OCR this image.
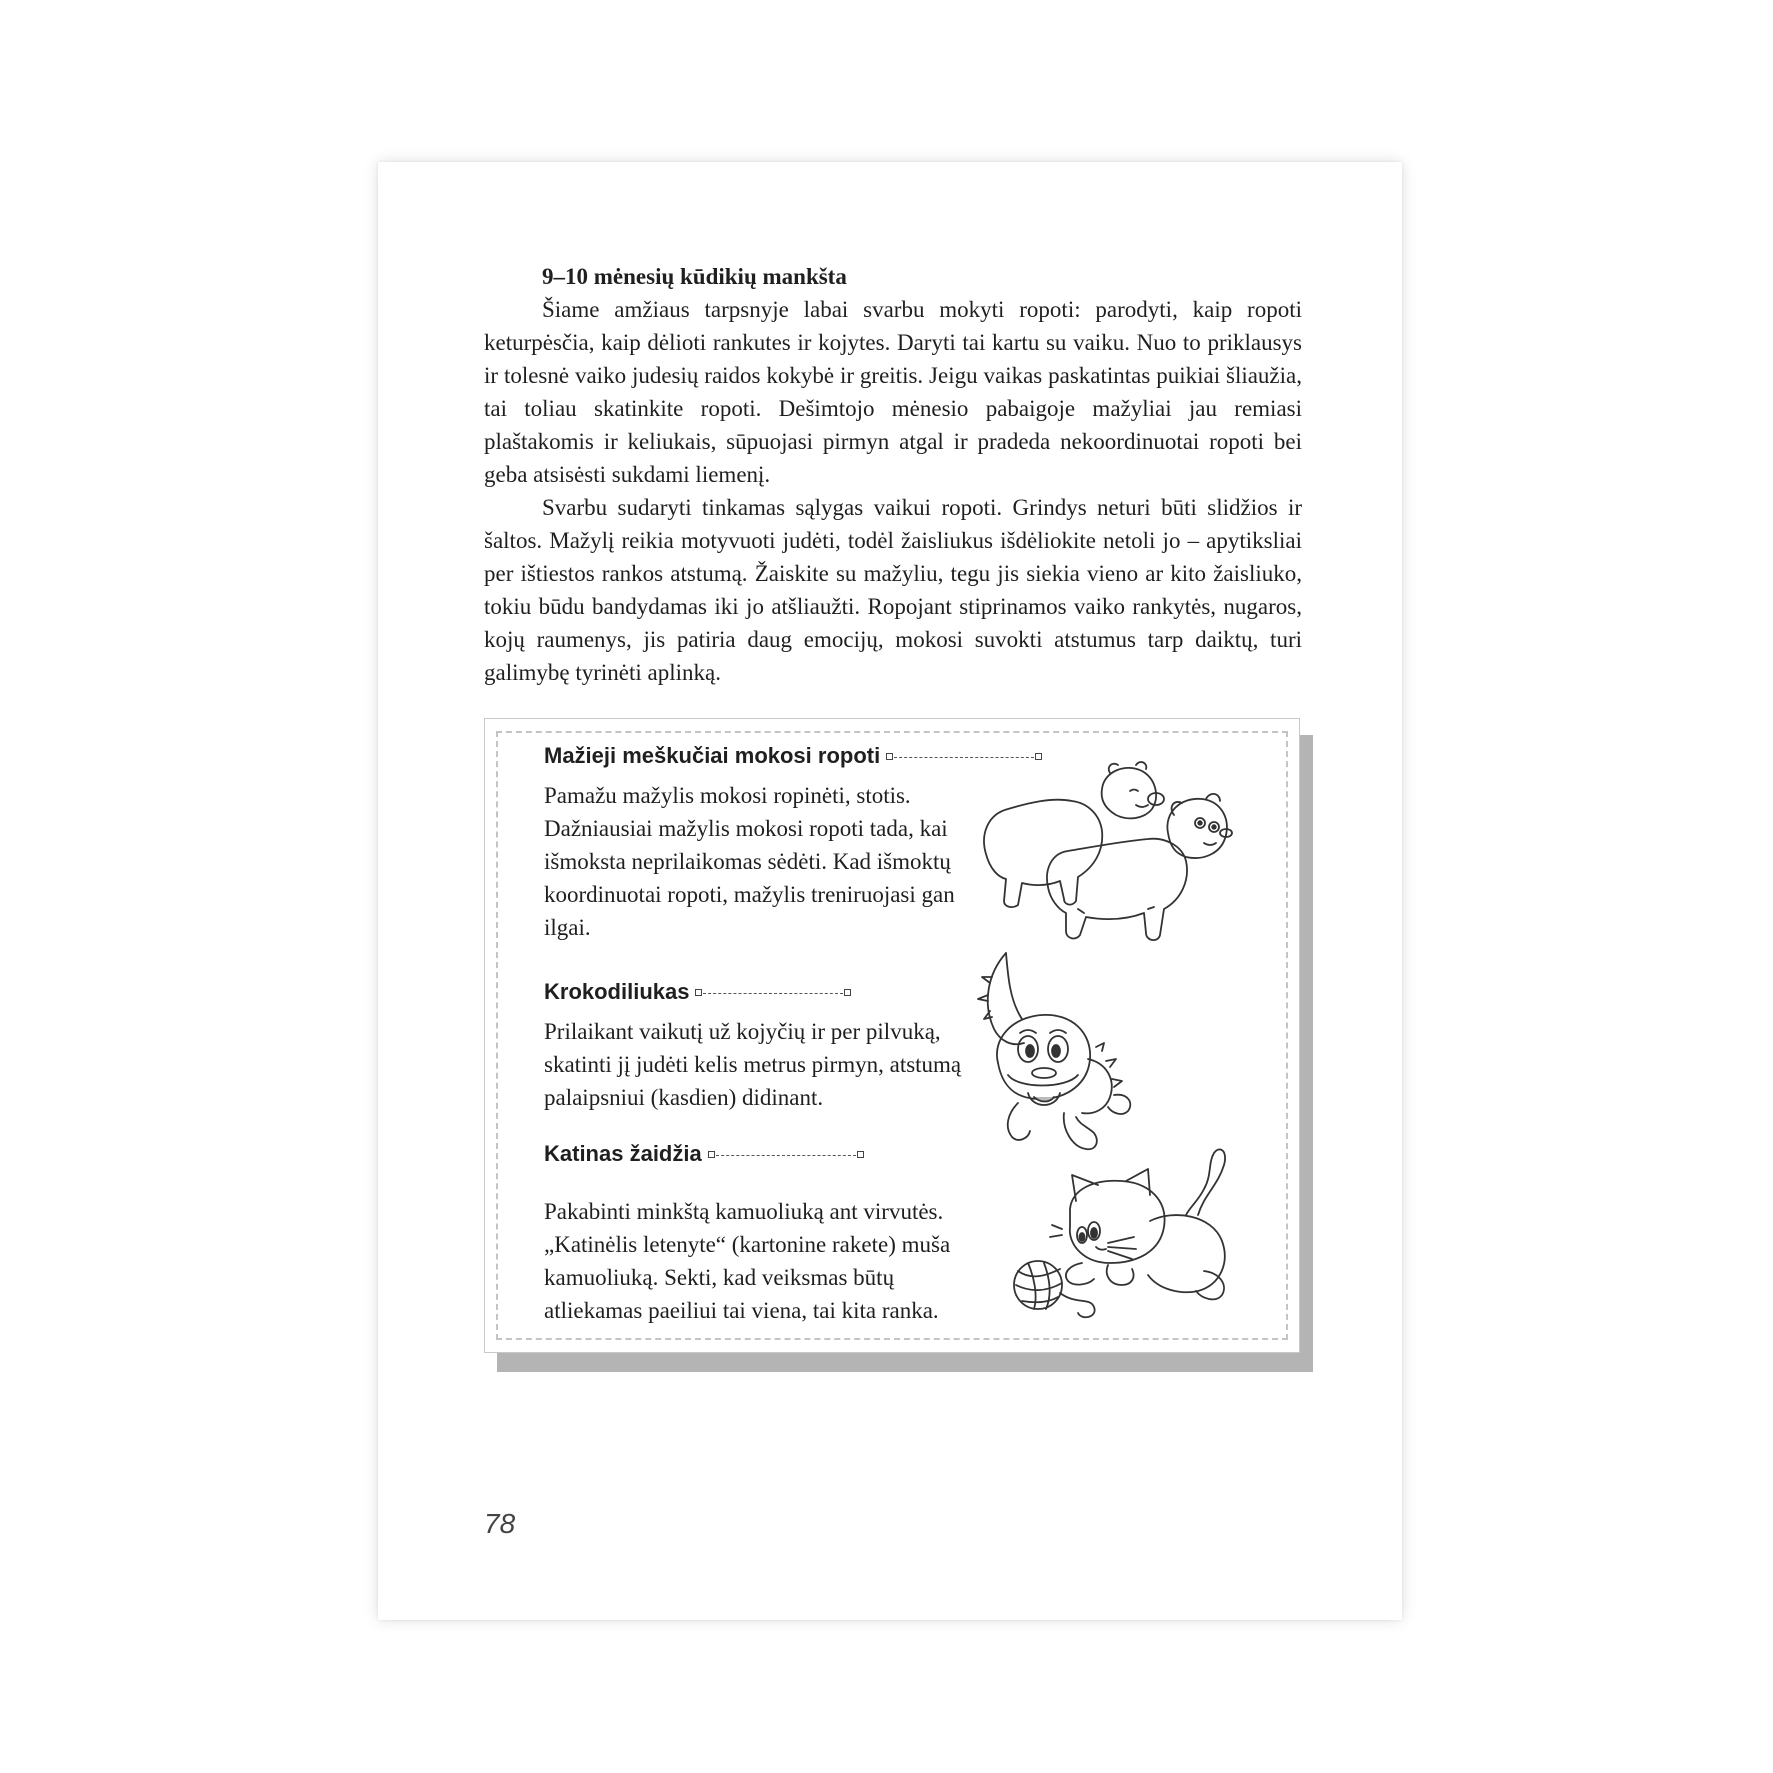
9–10 mėnesių kūdikių mankšta

Šiame amžiaus tarpsnyje labai svarbu mokyti ropoti: parodyti, kaip ropoti keturpėsčia, kaip dėlioti rankutes ir kojytes. Daryti tai kartu su vaiku. Nuo to priklausys ir tolesnė vaiko judesių raidos kokybė ir greitis. Jeigu vaikas paskatintas puikiai šliaužia, tai toliau skatinkite ropoti. Dešimtojo mėnesio pabaigoje mažyliai jau remiasi plaštakomis ir keliukais, sūpuojasi pirmyn atgal ir pradeda nekoordinuotai ropoti bei geba atsisėsti sukdami liemenį.

Svarbu sudaryti tinkamas sąlygas vaikui ropoti. Grindys neturi būti slidžios ir šaltos. Mažylį reikia motyvuoti judėti, todėl žaisliukus išdėliokite netoli jo – apytiksliai per ištiestos rankos atstumą. Žaiskite su mažyliu, tegu jis siekia vieno ar kito žaisliuko, tokiu būdu bandydamas iki jo atšliaužti. Ropojant stiprinamos vaiko rankytės, nugaros, kojų raumenys, jis patiria daug emocijų, mokosi suvokti atstumus tarp daiktų, turi galimybę tyrinėti aplinką.

Mažieji meškučiai mokosi ropoti

Pamažu mažylis mokosi ropinėti, stotis. Dažniausiai mažylis mokosi ropoti tada, kai išmoksta neprilaikomas sėdėti. Kad išmoktų koordinuotai ropoti, mažylis treniruojasi gan ilgai.

Krokodiliukas

Prilaikant vaikutį už kojyčių ir per pilvuką, skatinti jį judėti kelis metrus pirmyn, atstumą palaipsniui (kasdien) didinant.

Katinas žaidžia

Pakabinti minkštą kamuoliuką ant virvutės. „Katinėlis letenyte“ (kartonine rakete) muša kamuoliuką. Sekti, kad veiksmas būtų atliekamas paeiliui tai viena, tai kita ranka.

78
